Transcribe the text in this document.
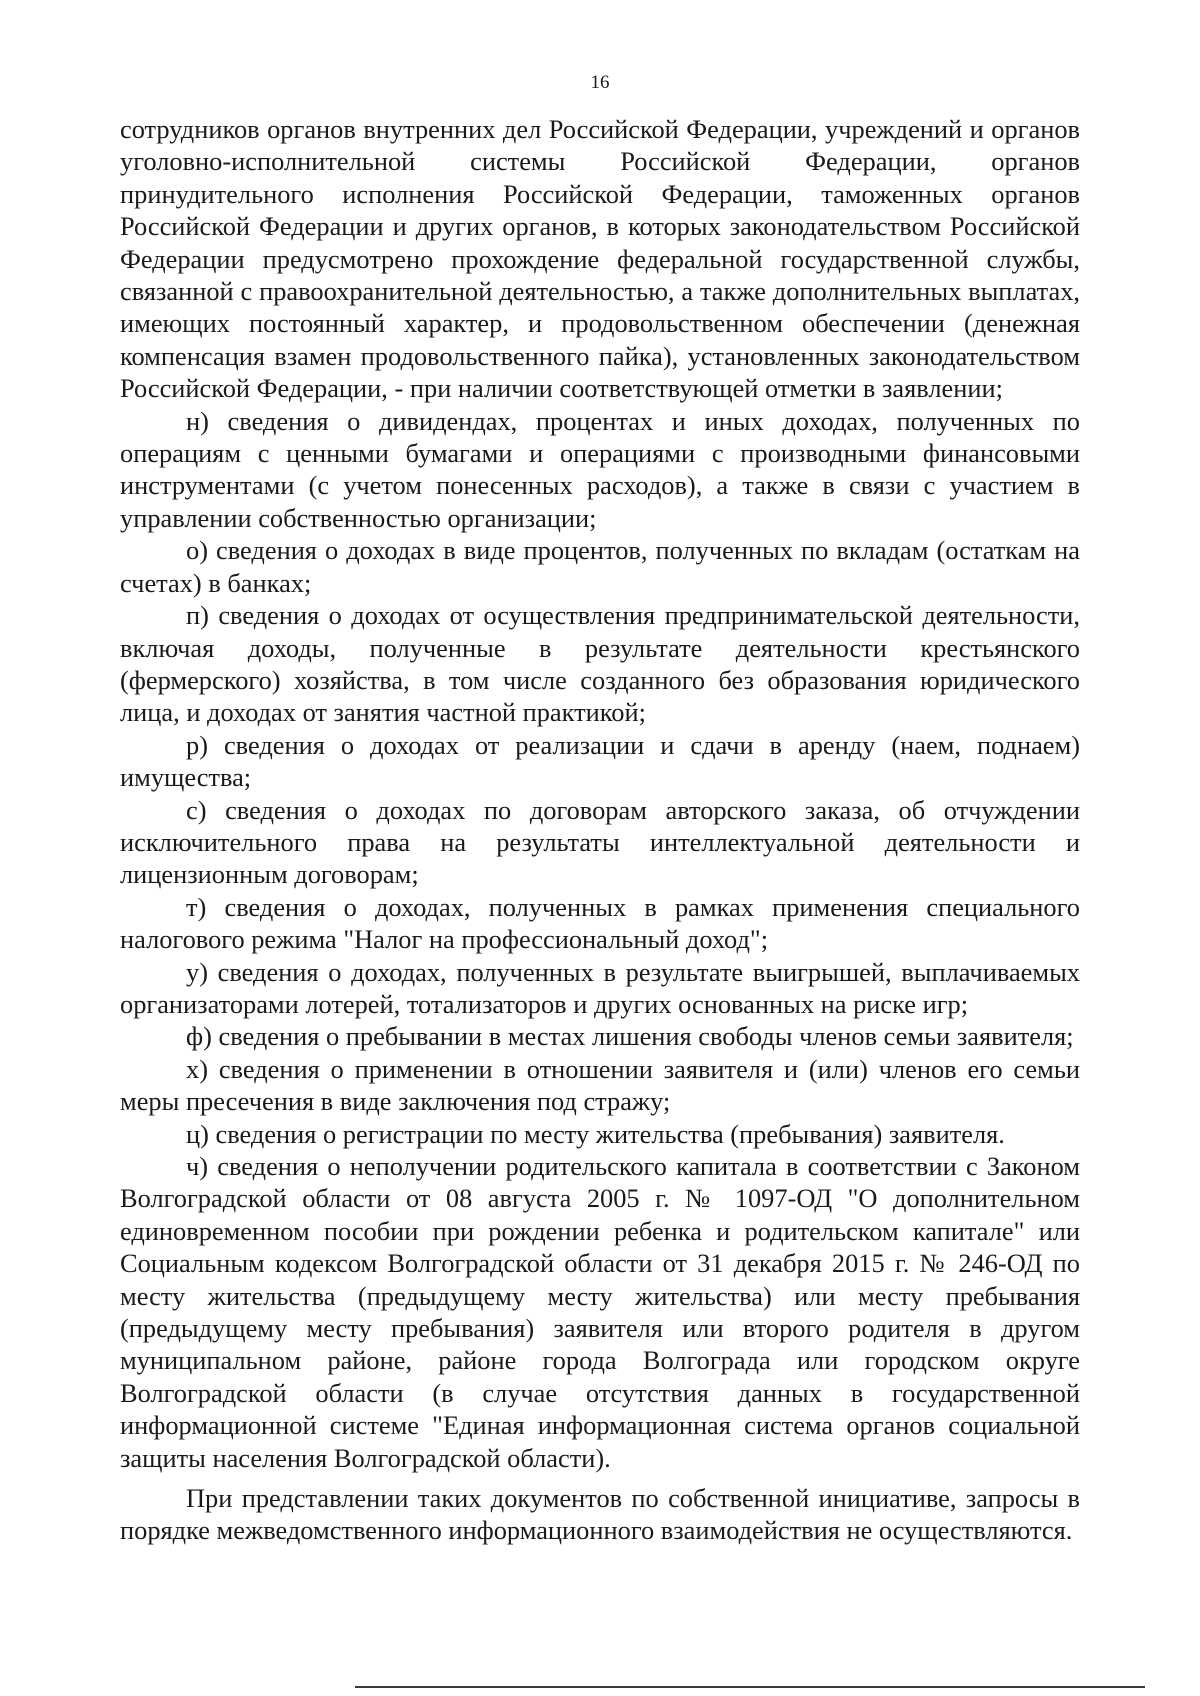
16

сотрудников органов внутренних дел Российской Федерации, учреждений и органов уголовно-исполнительной системы Российской Федерации, органов принудительного исполнения Российской Федерации, таможенных органов Российской Федерации и других органов, в которых законодательством Российской Федерации предусмотрено прохождение федеральной государственной службы, связанной с правоохранительной деятельностью, а также дополнительных выплатах, имеющих постоянный характер, и продовольственном обеспечении (денежная компенсация взамен продовольственного пайка), установленных законодательством Российской Федерации, - при наличии соответствующей отметки в заявлении;

н) сведения о дивидендах, процентах и иных доходах, полученных по операциям с ценными бумагами и операциями с производными финансовыми инструментами (с учетом понесенных расходов), а также в связи с участием в управлении собственностью организации;

о) сведения о доходах в виде процентов, полученных по вкладам (остаткам на счетах) в банках;

п) сведения о доходах от осуществления предпринимательской деятельности, включая доходы, полученные в результате деятельности крестьянского (фермерского) хозяйства, в том числе созданного без образования юридического лица, и доходах от занятия частной практикой;

р) сведения о доходах от реализации и сдачи в аренду (наем, поднаем) имущества;

с) сведения о доходах по договорам авторского заказа, об отчуждении исключительного права на результаты интеллектуальной деятельности и лицензионным договорам;

т) сведения о доходах, полученных в рамках применения специального налогового режима "Налог на профессиональный доход";

у) сведения о доходах, полученных в результате выигрышей, выплачиваемых организаторами лотерей, тотализаторов и других основанных на риске игр;

ф) сведения о пребывании в местах лишения свободы членов семьи заявителя;

х) сведения о применении в отношении заявителя и (или) членов его семьи меры пресечения в виде заключения под стражу;

ц) сведения о регистрации по месту жительства (пребывания) заявителя.

ч) сведения о неполучении родительского капитала в соответствии с Законом Волгоградской области от 08 августа 2005 г. № 1097-ОД "О дополнительном единовременном пособии при рождении ребенка и родительском капитале" или Социальным кодексом Волгоградской области от 31 декабря 2015 г. № 246-ОД по месту жительства (предыдущему месту жительства) или месту пребывания (предыдущему месту пребывания) заявителя или второго родителя в другом муниципальном районе, районе города Волгограда или городском округе Волгоградской области (в случае отсутствия данных в государственной информационной системе "Единая информационная система органов социальной защиты населения Волгоградской области).

При представлении таких документов по собственной инициативе, запросы в порядке межведомственного информационного взаимодействия не осуществляются.
